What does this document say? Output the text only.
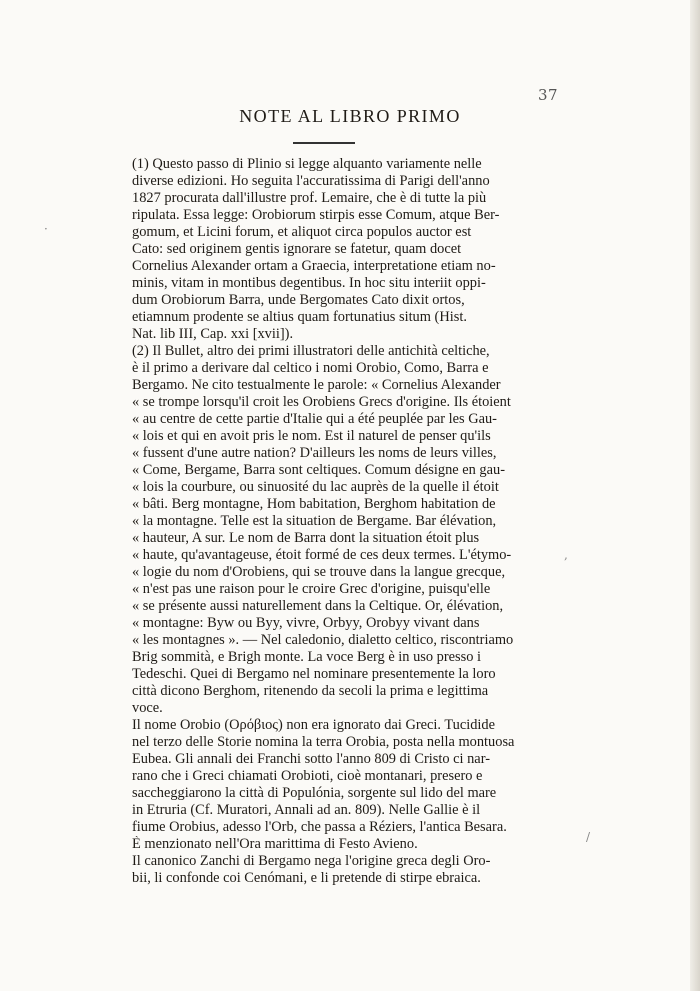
37
NOTE AL LIBRO PRIMO
(1) Questo passo di Plinio si legge alquanto variamente nelle
diverse edizioni. Ho seguita l'accuratissima di Parigi dell'anno
1827 procurata dall'illustre prof. Lemaire, che è di tutte la più
ripulata. Essa legge: Orobiorum stirpis esse Comum, atque Ber-
gomum, et Licini forum, et aliquot circa populos auctor est
Cato: sed originem gentis ignorare se fatetur, quam docet
Cornelius Alexander ortam a Graecia, interpretatione etiam no-
minis, vitam in montibus degentibus. In hoc situ interiit oppi-
dum Orobiorum Barra, unde Bergomates Cato dixit ortos,
etiamnum prodente se altius quam fortunatius situm (Hist.
Nat. lib III, Cap. xxi [xvii]).
(2) Il Bullet, altro dei primi illustratori delle antichità celtiche,
è il primo a derivare dal celtico i nomi Orobio, Como, Barra e
Bergamo. Ne cito testualmente le parole: « Cornelius Alexander
« se trompe lorsqu'il croit les Orobiens Grecs d'origine. Ils étoient
« au centre de cette partie d'Italie qui a été peuplée par les Gau-
« lois et qui en avoit pris le nom. Est il naturel de penser qu'ils
« fussent d'une autre nation? D'ailleurs les noms de leurs villes,
« Come, Bergame, Barra sont celtiques. Comum désigne en gau-
« lois la courbure, ou sinuosité du lac auprès de la quelle il étoit
« bâti. Berg montagne, Hom babitation, Berghom habitation de
« la montagne. Telle est la situation de Bergame. Bar élévation,
« hauteur, A sur. Le nom de Barra dont la situation étoit plus
« haute, qu'avantageuse, étoit formé de ces deux termes. L'étymo-
« logie du nom d'Orobiens, qui se trouve dans la langue grecque,
« n'est pas une raison pour le croire Grec d'origine, puisqu'elle
« se présente aussi naturellement dans la Celtique. Or, élévation,
« montagne: Byw ou Byy, vivre, Orbyy, Orobyy vivant dans
« les montagnes ». — Nel caledonio, dialetto celtico, riscontriamo
Brig sommità, e Brigh monte. La voce Berg è in uso presso i
Tedeschi. Quei di Bergamo nel nominare presentemente la loro
città dicono Berghom, ritenendo da secoli la prima e legittima
voce.
Il nome Orobio (Ορόβιος) non era ignorato dai Greci. Tucidide
nel terzo delle Storie nomina la terra Orobia, posta nella montuosa
Eubea. Gli annali dei Franchi sotto l'anno 809 di Cristo ci nar-
rano che i Greci chiamati Orobioti, cioè montanari, presero e
saccheggiarono la città di Populónia, sorgente sul lido del mare
in Etruria (Cf. Muratori, Annali ad an. 809). Nelle Gallie è il
fiume Orobius, adesso l'Orb, che passa a Réziers, l'antica Besara.
È menzionato nell'Ora marittima di Festo Avieno.
Il canonico Zanchi di Bergamo nega l'origine greca degli Oro-
bii, li confonde coi Cenómani, e li pretende di stirpe ebraica.
·
,
/
